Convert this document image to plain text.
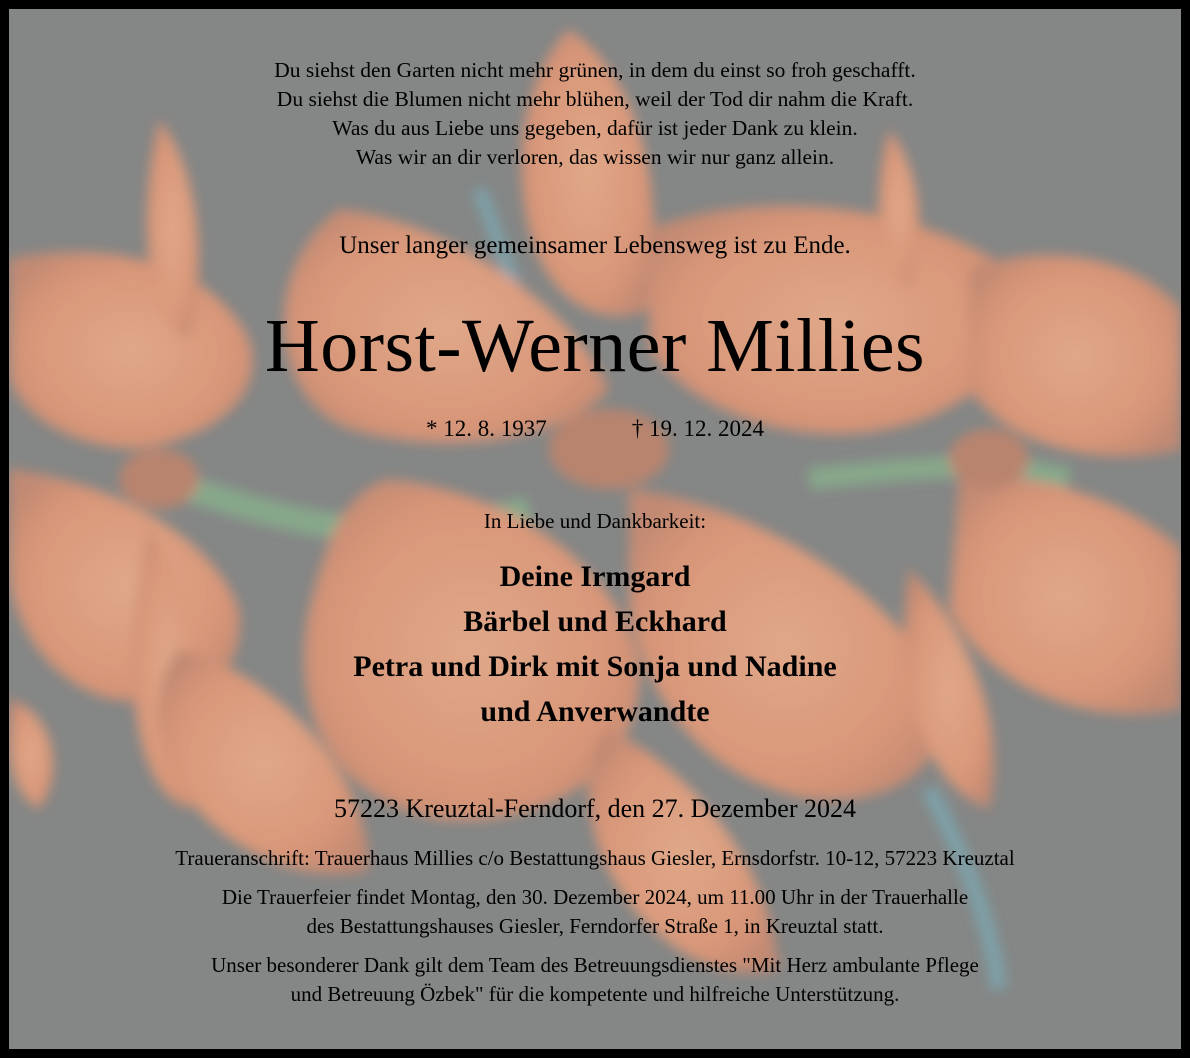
Du siehst den Garten nicht mehr grünen, in dem du einst so froh geschafft.
Du siehst die Blumen nicht mehr blühen, weil der Tod dir nahm die Kraft.
Was du aus Liebe uns gegeben, dafür ist jeder Dank zu klein.
Was wir an dir verloren, das wissen wir nur ganz allein.
Unser langer gemeinsamer Lebensweg ist zu Ende.
Horst-Werner Millies
* 12. 8. 1937	† 19. 12. 2024
In Liebe und Dankbarkeit:
Deine Irmgard
Bärbel und Eckhard
Petra und Dirk mit Sonja und Nadine
und Anverwandte
57223 Kreuztal-Ferndorf, den 27. Dezember 2024
Traueranschrift: Trauerhaus Millies c/o Bestattungshaus Giesler, Ernsdorfstr. 10-12, 57223 Kreuztal
Die Trauerfeier findet Montag, den 30. Dezember 2024, um 11.00 Uhr in der Trauerhalle
des Bestattungshauses Giesler, Ferndorfer Straße 1, in Kreuztal statt.
Unser besonderer Dank gilt dem Team des Betreuungsdienstes "Mit Herz ambulante Pflege
und Betreuung Özbek" für die kompetente und hilfreiche Unterstützung.
